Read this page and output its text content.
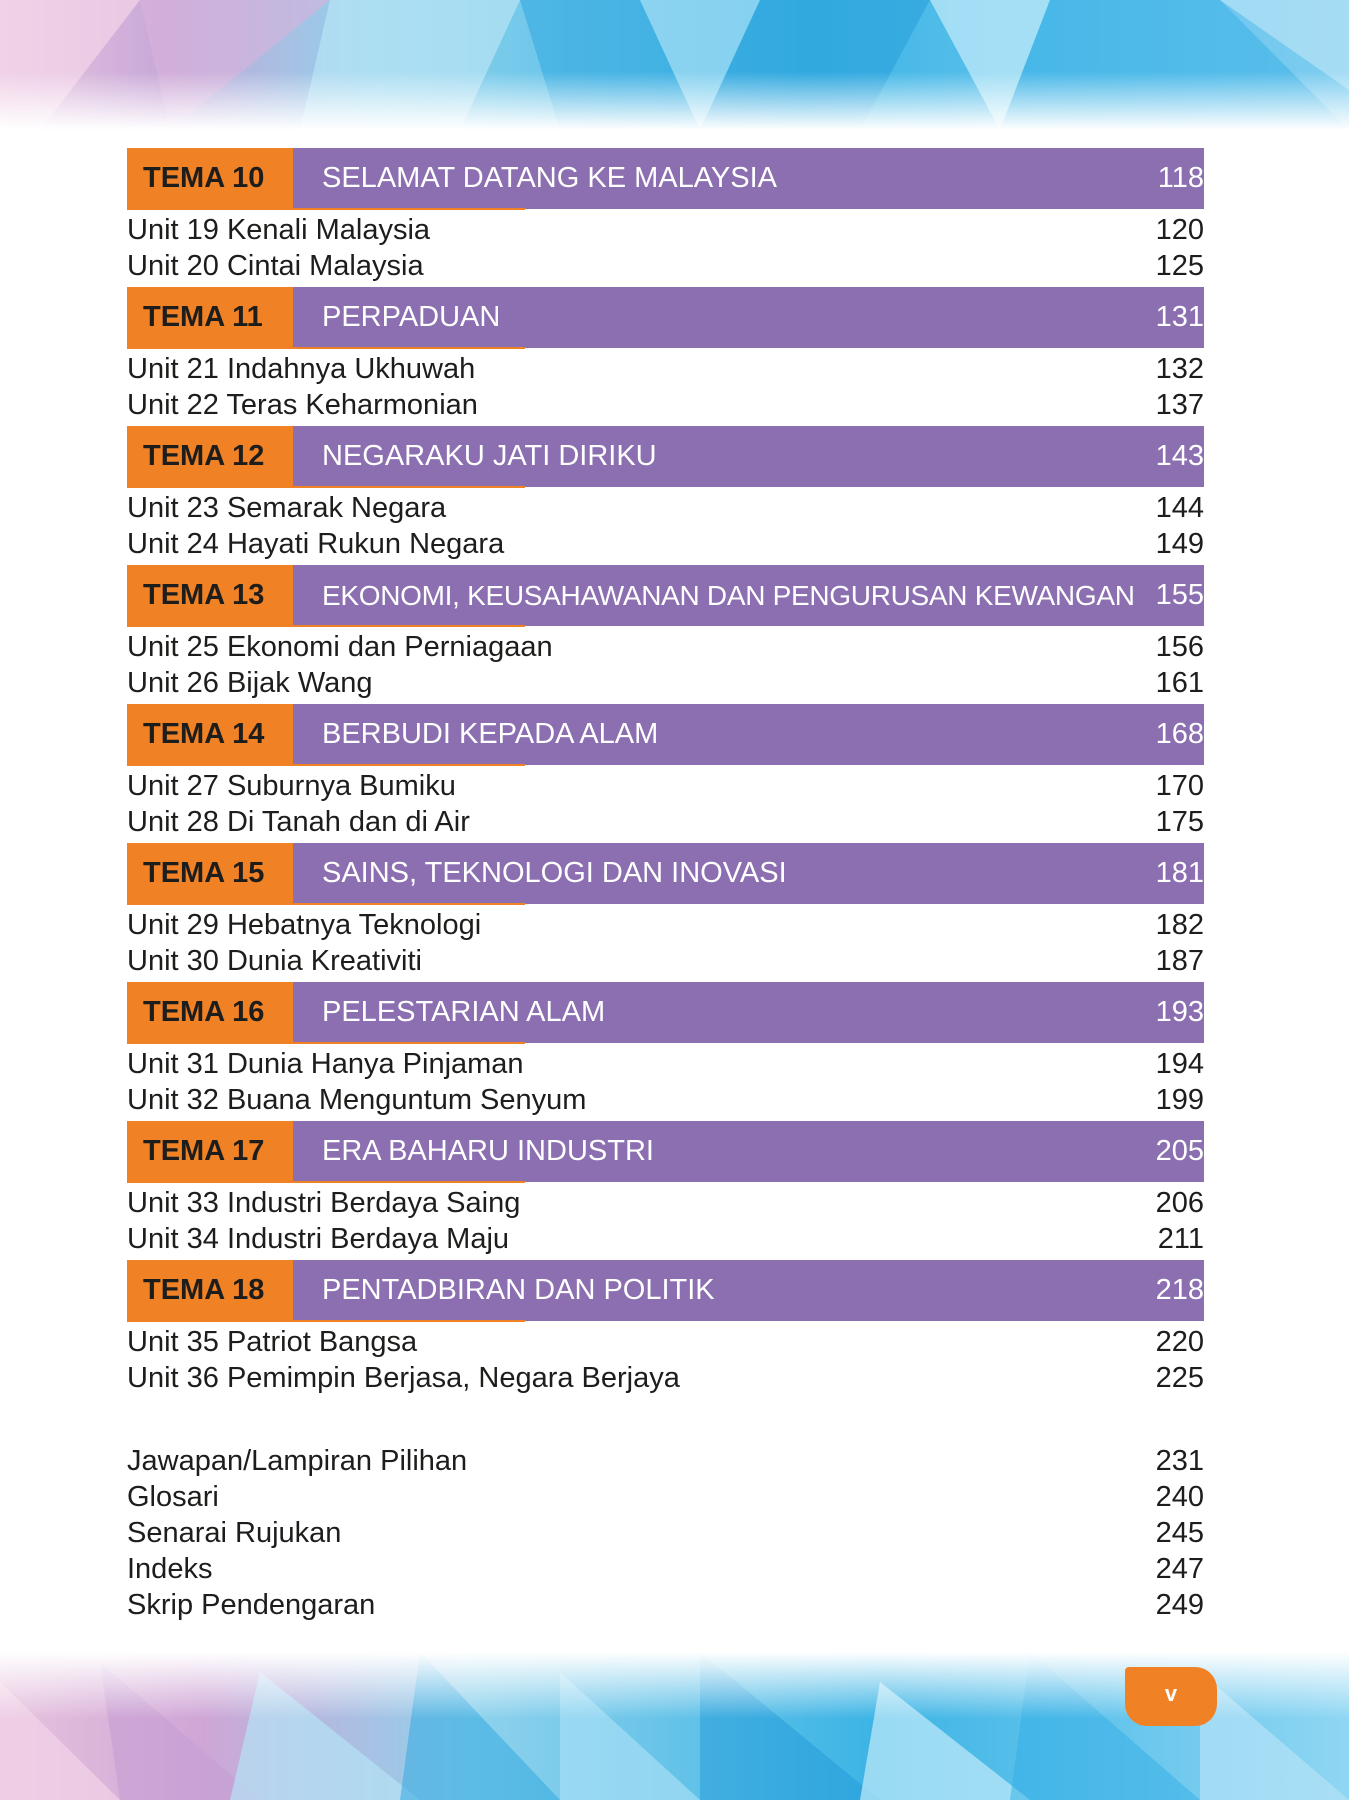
TEMA 10	SELAMAT DATANG KE MALAYSIA	118
Unit 19 Kenali Malaysia	120
Unit 20 Cintai Malaysia	125
TEMA 11	PERPADUAN	131
Unit 21 Indahnya Ukhuwah	132
Unit 22 Teras Keharmonian	137
TEMA 12	NEGARAKU JATI DIRIKU	143
Unit 23 Semarak Negara	144
Unit 24 Hayati Rukun Negara	149
TEMA 13	EKONOMI, KEUSAHAWANAN DAN PENGURUSAN KEWANGAN 155
Unit 25 Ekonomi dan Perniagaan	156
Unit 26 Bijak Wang	161
TEMA 14	BERBUDI KEPADA ALAM	168
Unit 27 Suburnya Bumiku	170
Unit 28 Di Tanah dan di Air	175
TEMA 15	SAINS, TEKNOLOGI DAN INOVASI	181
Unit 29 Hebatnya Teknologi	182
Unit 30 Dunia Kreativiti	187
TEMA 16	PELESTARIAN ALAM	193
Unit 31 Dunia Hanya Pinjaman	194
Unit 32 Buana Menguntum Senyum	199
TEMA 17	ERA BAHARU INDUSTRI	205
Unit 33 Industri Berdaya Saing	206
Unit 34 Industri Berdaya Maju	211
TEMA 18	PENTADBIRAN DAN POLITIK	218
Unit 35 Patriot Bangsa	220
Unit 36 Pemimpin Berjasa, Negara Berjaya	225
Jawapan/Lampiran Pilihan	231
Glosari	240
Senarai Rujukan	245
Indeks	247
Skrip Pendengaran	249
v
